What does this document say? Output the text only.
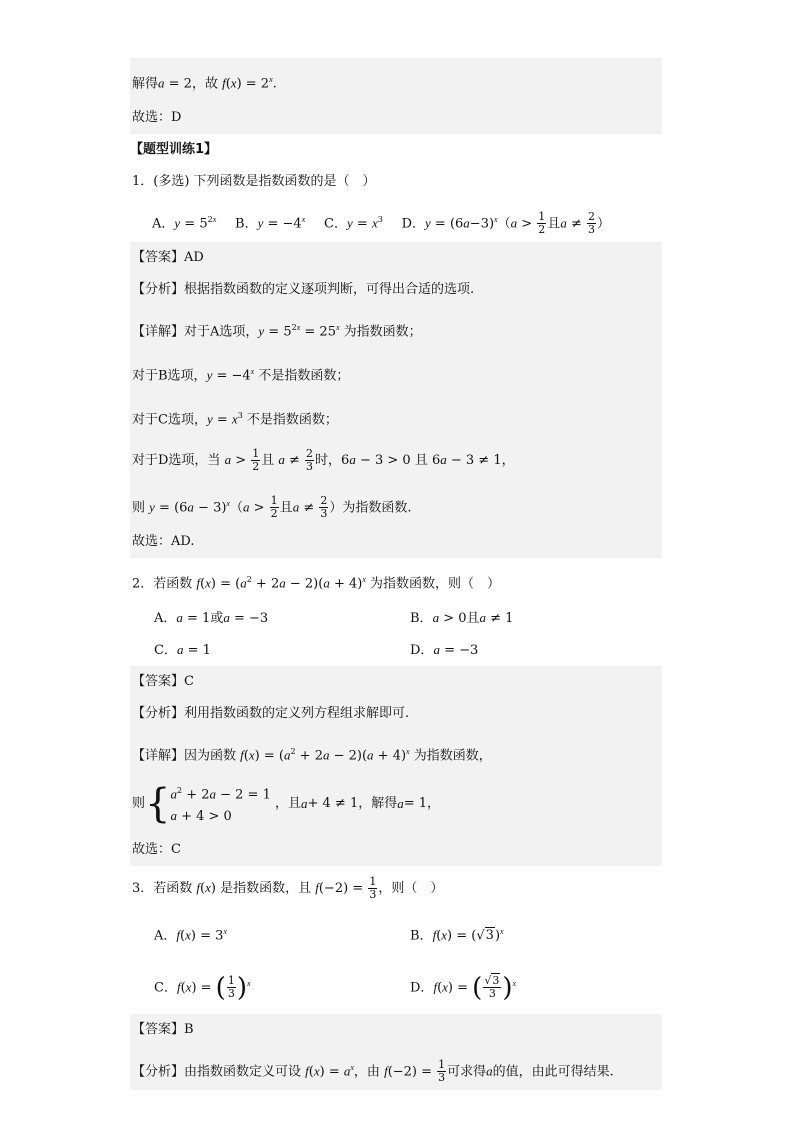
解得a = 2，故 $f(x) = 2^x$.
故选：D
【题型训练1】
1．(多选) 下列函数是指数函数的是（　）
A．$y = 5^{2x}$ B．$y = -4^x$ C．$y = x^3$ D．$y = (6a-3)^x(a > \frac{1}{2}$ 且$a \ne \frac{2}{3}$ ）
【答案】AD
【分析】根据指数函数的定义逐项判断，可得出合适的选项.
【详解】对于A选项，$y = 5^{2x} = 25^x$ 为指数函数；
对于B选项，$y = -4^x$ 不是指数函数；
对于C选项，$y = x^3$ 不是指数函数；
对于D选项，当 $a > \frac{1}{2}$ 且 $a \ne \frac{2}{3}$ 时，6a − 3 > 0 且 6a − 3 ≠ 1，
则 $y = (6a - 3)^x(a > \frac{1}{2}$ 且$a \ne \frac{2}{3}$ ）为指数函数.
故选：AD.
2．若函数 $f(x) = (a^2 + 2a - 2)(a + 4)^x$ 为指数函数，则（　）
A．a = 1或a = −3	B．a > 0且a ≠ 1
C．a = 1	D．a = −3
【答案】C
【分析】利用指数函数的定义列方程组求解即可.
【详解】因为函数 $f(x) = (a^2 + 2a - 2)(a + 4)^x$ 为指数函数，
则 { $a^2 + 2a - 2 = 1$
a + 4 > 0
，且 a + 4 ≠ 1，解得 a = 1，
故选：C
3．若函数 f(x) 是指数函数，且 $f(-2) = \frac{1}{3}$ ，则（　）
A．$f(x) = 3^x$	B．$f(x) = (√3)^x$
C．f(x) = ( $\frac{1}{3} )^x$	D．f(x) = ( $\frac{√3}{3} )^x$
【答案】B
【分析】由指数函数定义可设 $f(x) = a^x$，由 $f(-2) = \frac{1}{3}$ 可求得a的值，由此可得结果.
